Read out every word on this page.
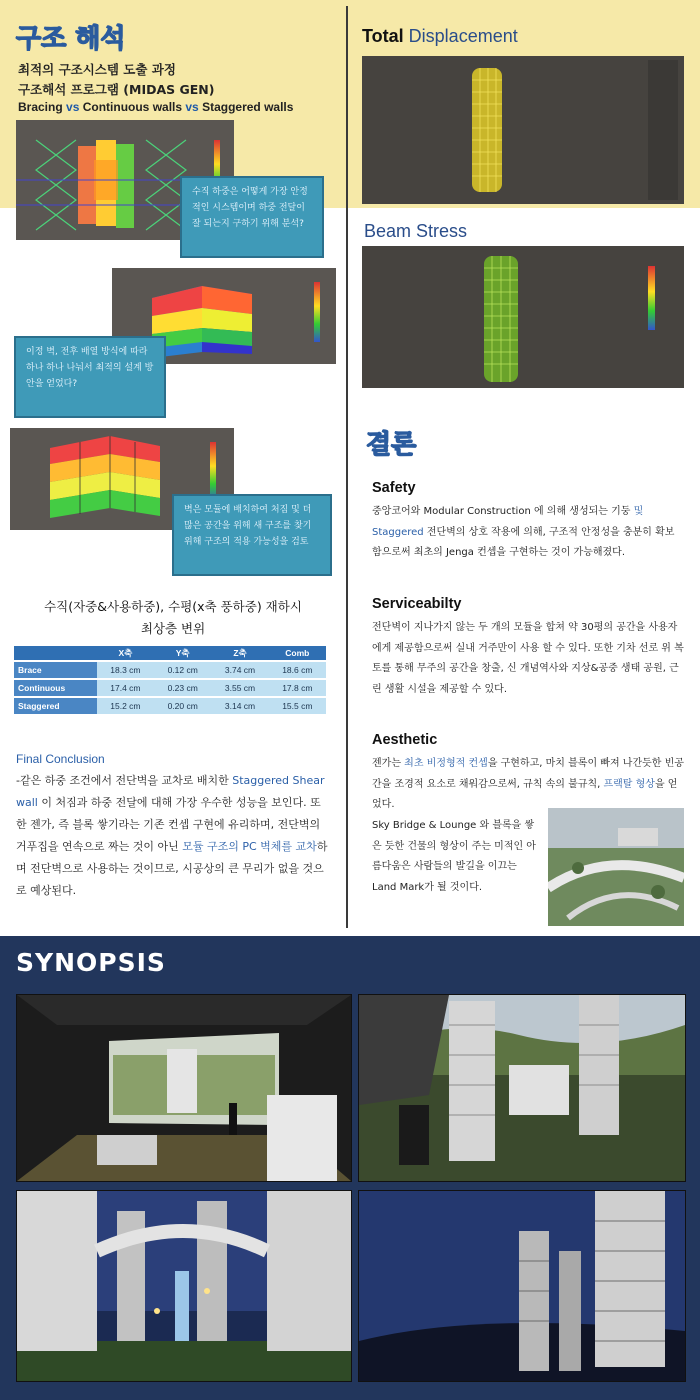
구조 해석
최적의 구조시스템 도출 과정
구조해석 프로그램 (MIDAS GEN)
Bracing vs Continuous walls vs Staggered walls
수직 하중은 어떻게 가장 안정적인 시스템이며 하중 전달이 잘 되는지 구하기 위해 분석?
이정 벽, 전후 배열 방식에 따라 하나 하나 나눠서 최적의 설계 방안을 얻었다?
벽은 모듈에 배치하여 처짐 및 더 많은 공간을 위해 새 구조를 찾기 위해 구조의 적용 가능성을 검토
수직(자중&사용하중), 수평(x축 풍하중) 재하시
최상층 변위
	X축	Y축	Z축	Comb
Brace	18.3 cm	0.12 cm	3.74 cm	18.6 cm
Continuous	17.4 cm	0.23 cm	3.55 cm	17.8 cm
Staggered	15.2 cm	0.20 cm	3.14 cm	15.5 cm
Final Conclusion
-같은 하중 조건에서 전단벽을 교차로 배치한 Staggered Shear wall 이 처짐과 하중 전달에 대해 가장 우수한 성능을 보인다. 또한 젠가, 즉 블록 쌓기라는 기존 컨셉 구현에 유리하며, 전단벽의 거푸집을 연속으로 짜는 것이 아닌 모듈 구조의 PC 벽체를 교차하며 전단벽으로 사용하는 것이므로, 시공상의 큰 무리가 없을 것으로 예상된다.
Total Displacement
Beam Stress
결론
Safety
중앙코어와 Modular Construction 에 의해 생성되는 기둥 및 Staggered 전단벽의 상호 작용에 의해, 구조적 안정성을 충분히 확보함으로써 최초의 Jenga 컨셉을 구현하는 것이 가능해졌다.
Serviceabilty
전단벽이 지나가지 않는 두 개의 모듈을 합쳐 약 30평의 공간을 사용자에게 제공함으로써 실내 거주만이 사용 할 수 있다. 또한 기차 선로 위 복토를 통해 무주의 공간을 창출, 신 개념역사와 지상&공중 생태 공원, 근린 생활 시설을 제공할 수 있다.
Aesthetic
젠가는 최초 비정형적 컨셉을 구현하고, 마치 블록이 빠져 나간듯한 빈공간을 조경적 요소로 채워감으로써, 규칙 속의 불규칙, 프랙탈 형상을 얻었다.
Sky Bridge & Lounge 와 블록을 쌓은 듯한 건물의 형상이 주는 미적인 아름다움은 사람들의 발길을 이끄는 Land Mark가 될 것이다.
SYNOPSIS
